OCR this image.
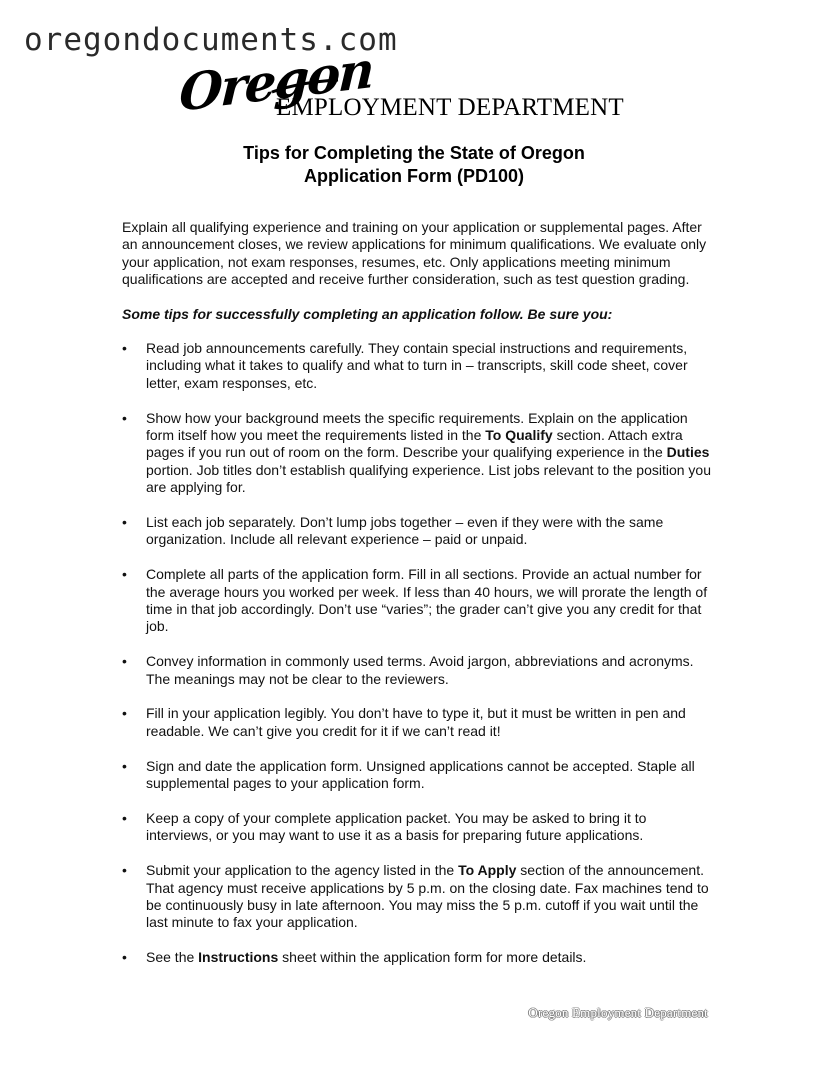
oregondocuments.com
Oregon
EMPLOYMENT DEPARTMENT
Tips for Completing the State of Oregon
Application Form (PD100)

Explain all qualifying experience and training on your application or supplemental pages. After an announcement closes, we review applications for minimum qualifications. We evaluate only your application, not exam responses, resumes, etc. Only applications meeting minimum qualifications are accepted and receive further consideration, such as test question grading.

Some tips for successfully completing an application follow. Be sure you:

• Read job announcements carefully. They contain special instructions and requirements, including what it takes to qualify and what to turn in – transcripts, skill code sheet, cover letter, exam responses, etc.
• Show how your background meets the specific requirements. Explain on the application form itself how you meet the requirements listed in the To Qualify section. Attach extra pages if you run out of room on the form. Describe your qualifying experience in the Duties portion. Job titles don’t establish qualifying experience. List jobs relevant to the position you are applying for.
• List each job separately. Don’t lump jobs together – even if they were with the same organization. Include all relevant experience – paid or unpaid.
• Complete all parts of the application form. Fill in all sections. Provide an actual number for the average hours you worked per week. If less than 40 hours, we will prorate the length of time in that job accordingly. Don’t use “varies”; the grader can’t give you any credit for that job.
• Convey information in commonly used terms. Avoid jargon, abbreviations and acronyms. The meanings may not be clear to the reviewers.
• Fill in your application legibly. You don’t have to type it, but it must be written in pen and readable. We can’t give you credit for it if we can’t read it!
• Sign and date the application form. Unsigned applications cannot be accepted. Staple all supplemental pages to your application form.
• Keep a copy of your complete application packet. You may be asked to bring it to interviews, or you may want to use it as a basis for preparing future applications.
• Submit your application to the agency listed in the To Apply section of the announcement. That agency must receive applications by 5 p.m. on the closing date. Fax machines tend to be continuously busy in late afternoon. You may miss the 5 p.m. cutoff if you wait until the last minute to fax your application.
• See the Instructions sheet within the application form for more details.
Oregon Employment Department
